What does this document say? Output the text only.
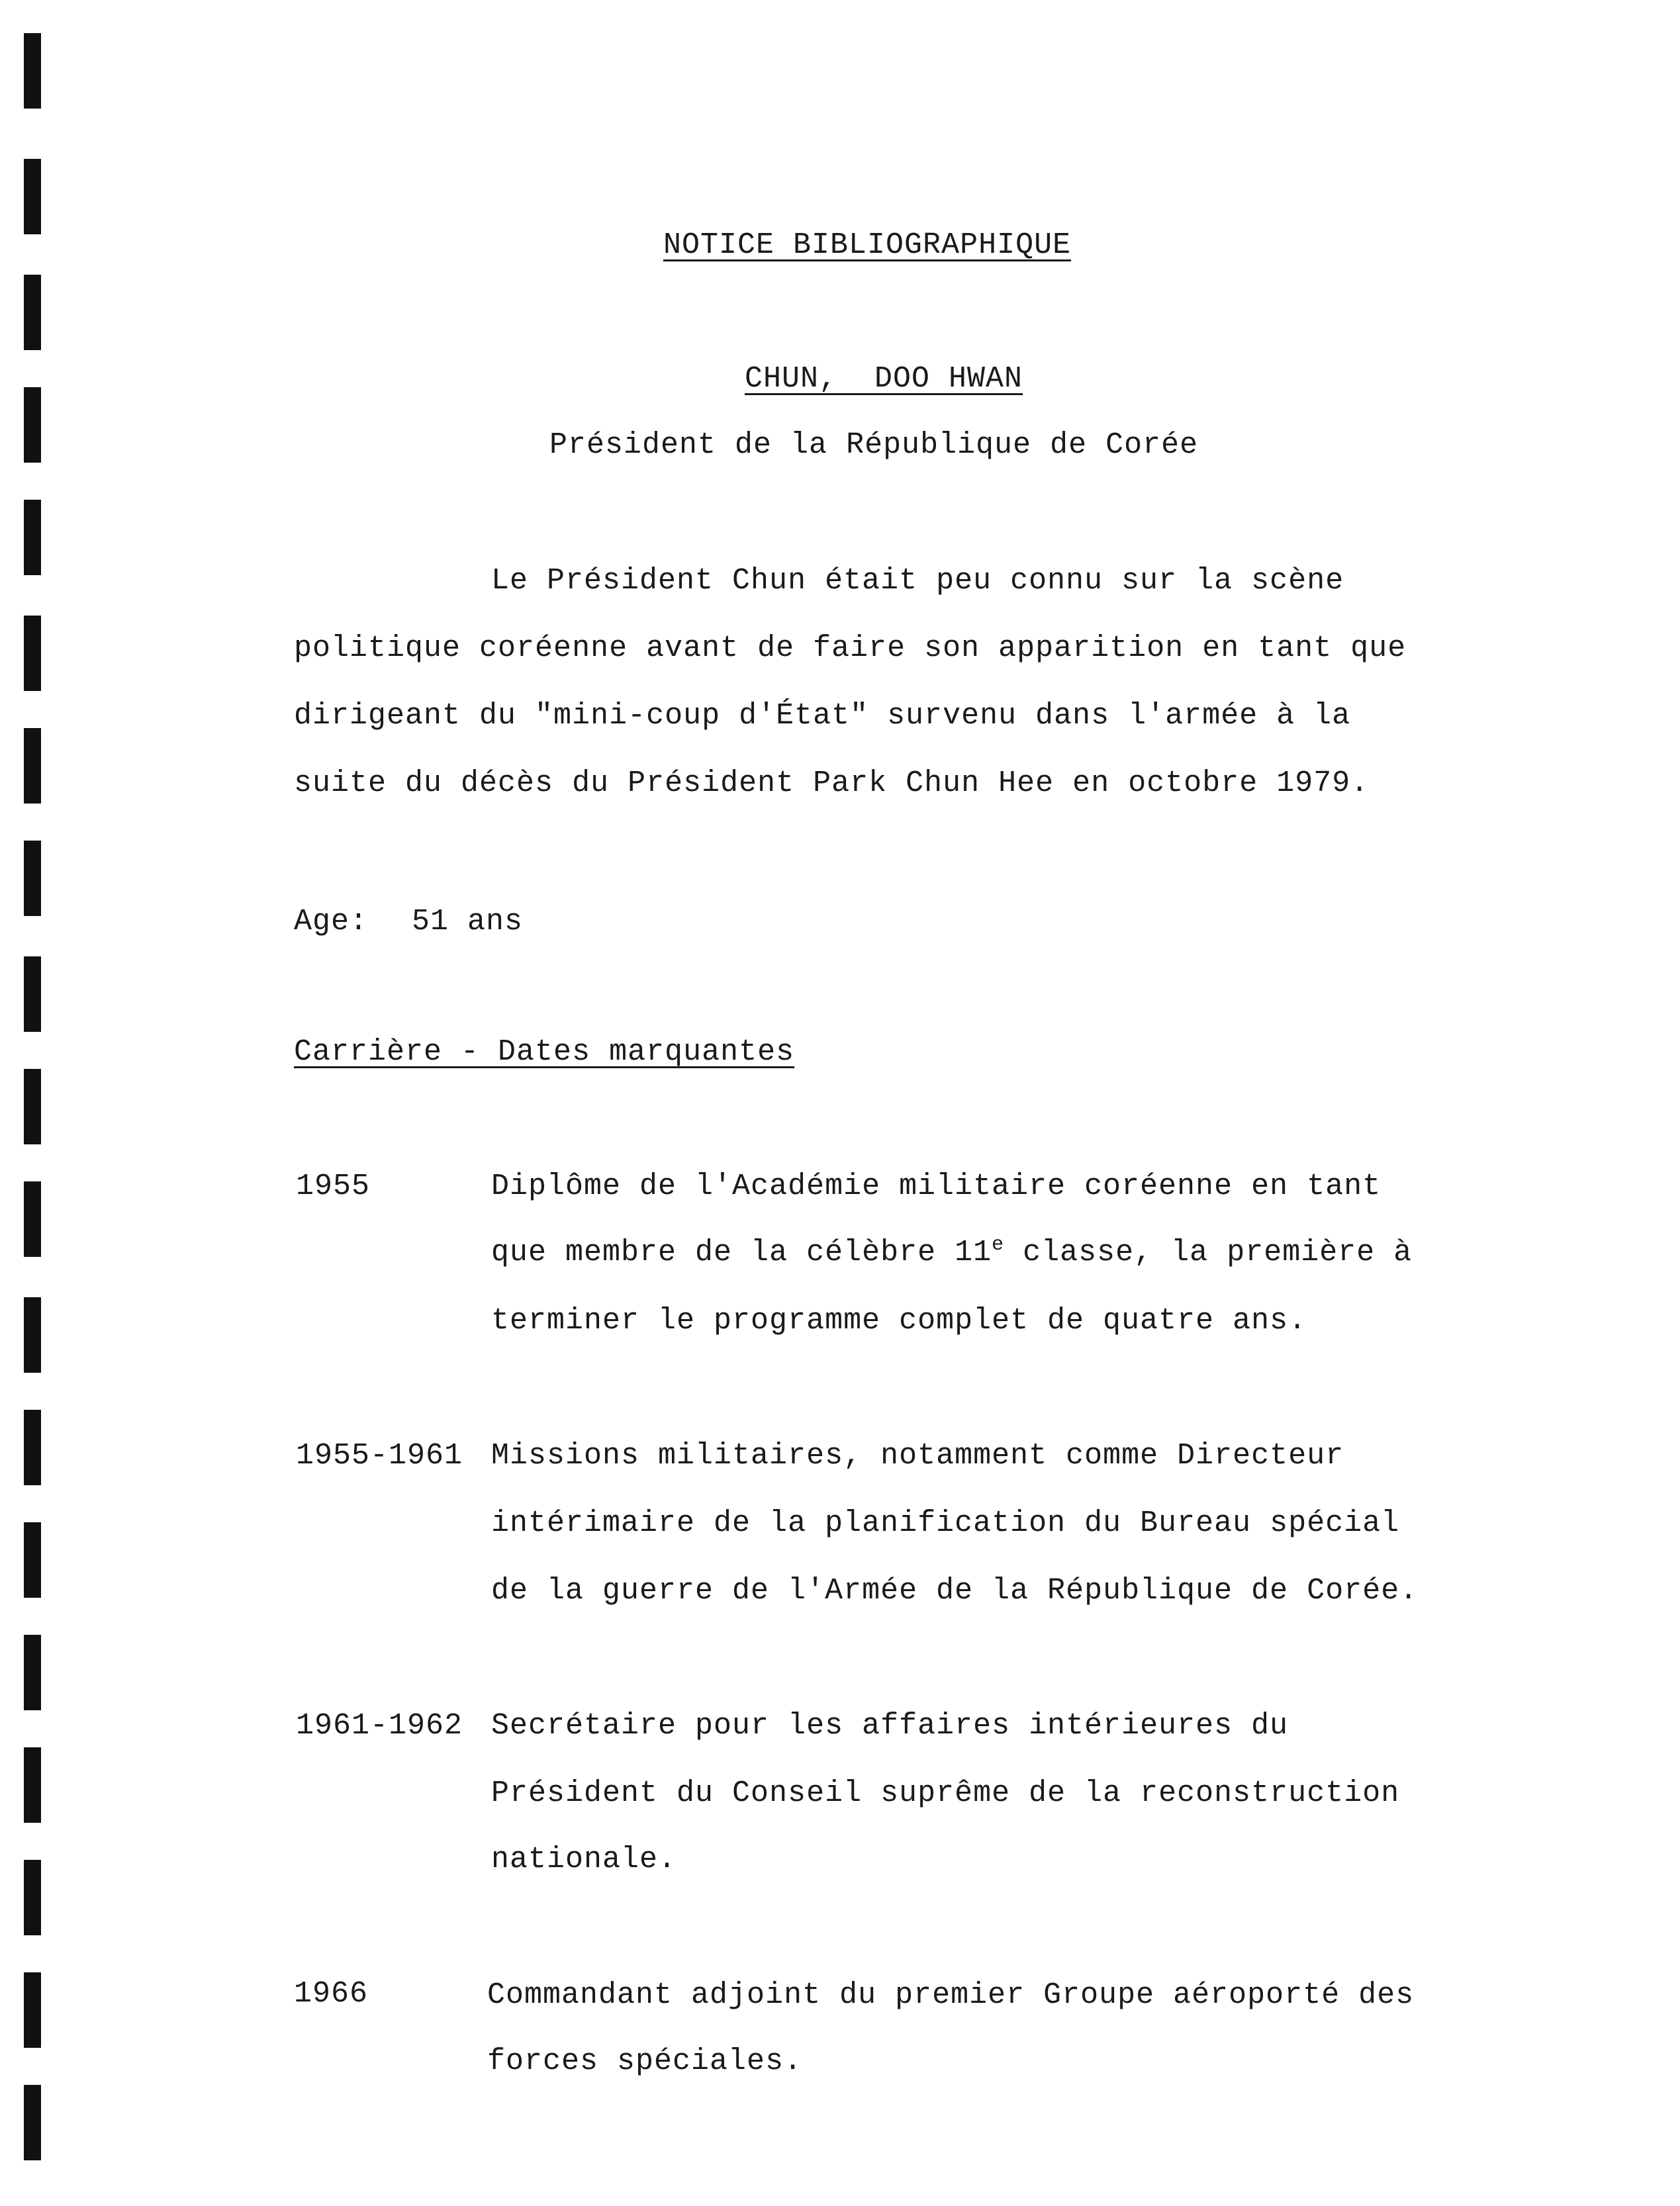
NOTICE BIBLIOGRAPHIQUE
CHUN,  DOO HWAN
Président de la République de Corée
Le Président Chun était peu connu sur la scène
politique coréenne avant de faire son apparition en tant que
dirigeant du "mini-coup d'État" survenu dans l'armée à la
suite du décès du Président Park Chun Hee en octobre 1979.
Age: 51 ans
Carrière - Dates marquantes
1955	Diplôme de l'Académie militaire coréenne en tant
que membre de la célèbre 11e classe, la première à
terminer le programme complet de quatre ans.
1955-1961 Missions militaires, notamment comme Directeur
intérimaire de la planification du Bureau spécial
de la guerre de l'Armée de la République de Corée.
1961-1962 Secrétaire pour les affaires intérieures du
Président du Conseil suprême de la reconstruction
nationale.
1966	Commandant adjoint du premier Groupe aéroporté des
forces spéciales.
